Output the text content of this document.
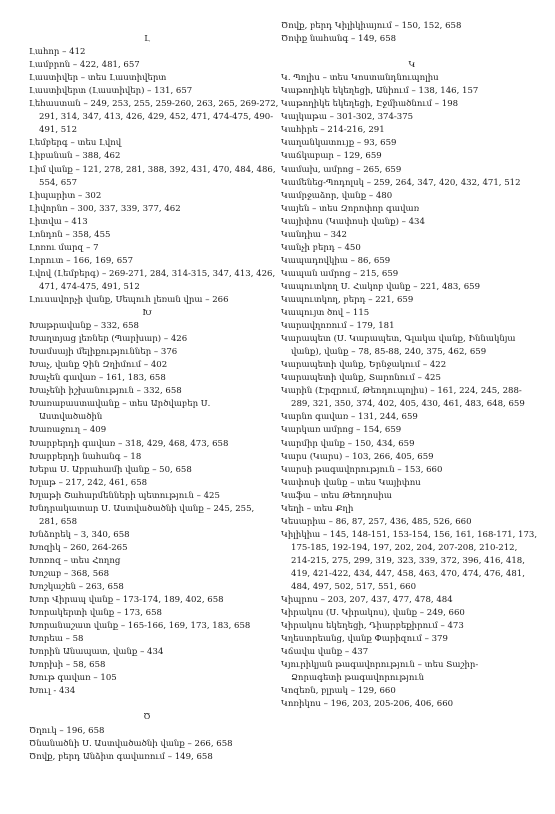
Լ
Լահոր – 412
Լամբրոն – 422, 481, 657
Լաստիվեր – տես Լաստիվերտ
Լաստիվերտ (Լաստիվեր) – 131, 657
Լեհաստան – 249, 253, 255, 259-260, 263, 265, 269-272,
291, 314, 347, 413, 426, 429, 452, 471, 474-475, 490-
491, 512
Լեմբերգ – տես Լվով
Լիբանան – 388, 462
Լիմ վանք – 121, 278, 281, 388, 392, 431, 470, 484, 486,
554, 657
Լիպարիտ – 302
Լիվորնո – 300, 337, 339, 377, 462
Լիտվա – 413
Լոնդոն – 358, 455
Լոռու մարզ – 7
Լորուտ – 166, 169, 657
Լվով (Լեմբերգ) – 269-271, 284, 314-315, 347, 413, 426,
471, 474-475, 491, 512
Լուսավորչի վանք, Սեպուհ լեռան վրա – 266
Խ
Խաթրավանք – 332, 658
Խաղտյաց լեռներ (Պարխար) – 426
Խամսայի մելիքություններ – 376
Խաչ, վանք Չին Զղիմում – 402
Խաչեն գավառ – 161, 183, 658
Խաչենի իշխանություն – 332, 658
Խառաբաստավանք – տես Արծվաբեր Ս.
Աստվածածին
Խառաջուղ – 409
Խարբերդի գավառ – 318, 429, 468, 473, 658
Խարբերդի նահանգ – 18
Խեբա Ս. Աբրահամի վանք – 50, 658
Խլաթ – 217, 242, 461, 658
Խլաթի Շահարմենների պետություն – 425
Խնդրակատար Ս. Աստվածածնի վանք – 245, 255,
281, 658
Խնձորեկ – 3, 340, 658
Խոզիկ – 260, 264-265
Խոռոզ – տես Հողոց
Խոշաբ – 368, 568
Խոշկաշեն – 263, 658
Խոր Վիրապ վանք – 173-174, 189, 402, 658
Խորակերտի վանք – 173, 658
Խորանաշատ վանք – 165-166, 169, 173, 183, 658
Խորեա – 58
Խորին Անապատ, վանք – 434
Խորխի – 58, 658
Խութ գավառ – 105
Խուլ - 434
Ծ
Ծղուկ – 196, 658
Ծնանածնի Ս. Աստվածածնի վանք – 266, 658
Ծովք, բերդ Անձիտ գավառում – 149, 658
Ծովք, բերդ Կիլիկիայում – 150, 152, 658
Ծոփք նահանգ – 149, 658
Կ
Կ. Պոլիս – տես Կոստանդնուպոլիս
Կաթողիկե եկեղեցի, Անիում – 138, 146, 157
Կաթողիկե եկեղեցի, Էջմիածնում – 198
Կալկաթա – 301-302, 374-375
Կահիրե – 214-216, 291
Կաղանկատույք – 93, 659
Կաճկաբար – 129, 659
Կամախ, ամրոց – 265, 659
Կամենեց-Պոդոլսկ – 259, 264, 347, 420, 432, 471, 512
Կամրջաձոր, վանք – 480
Կայեն – տես Զորոփոր գավառ
Կայիփոս (Կափոսի վանք) – 434
Կանդիա – 342
Կանչի բերդ – 450
Կապադովկիա – 86, 659
Կապան ամրոց – 215, 659
Կապուտկող Ս. Հակոբ վանք – 221, 483, 659
Կապուտկող, բերդ – 221, 659
Կապույտ ծով – 115
Կարավղոռում – 179, 181
Կարապետ (Ս. Կարապետ, Գլակա վանք, Իննակնյա
վանք), վանք – 78, 85-88, 240, 375, 462, 659
Կարապետի վանք, Երնջակում – 422
Կարապետի վանք, Տարոնում – 425
Կարին (Էրզրում, Թեոդուպոլիս) – 161, 224, 245, 288-
289, 321, 350, 374, 402, 405, 430, 461, 483, 648, 659
Կարնո գավառ – 131, 244, 659
Կարկառ ամրոց – 154, 659
Կարմիր վանք – 150, 434, 659
Կարս (Կարս) – 103, 266, 405, 659
Կարսի թագավորություն – 153, 660
Կափոսի վանք – տես Կայիփոս
Կաֆա – տես Թեոդոսիա
Կեղի – տես Քղի
Կեսարիա – 86, 87, 257, 436, 485, 526, 660
Կիլիկիա – 145, 148-151, 153-154, 156, 161, 168-171, 173,
175-185, 192-194, 197, 202, 204, 207-208, 210-212,
214-215, 275, 299, 319, 323, 339, 372, 396, 416, 418,
419, 421-422, 434, 447, 458, 463, 470, 474, 476, 481,
484, 497, 502, 517, 551, 660
Կիպրոս – 203, 207, 437, 477, 478, 484
Կիրակոս (Ս. Կիրակոս), վանք – 249, 660
Կիրակոս եկեղեցի, Դիարբեքիրում – 473
Կղեստրեանց, վանք Փարիզում – 379
Կճավա վանք – 437
Կյուրիկյան թագավորություն – տես Տաշիր-
Ձորագետի թագավորություն
Կոզեռն, բլրակ – 129, 660
Կոռիկոս – 196, 203, 205-206, 406, 660
